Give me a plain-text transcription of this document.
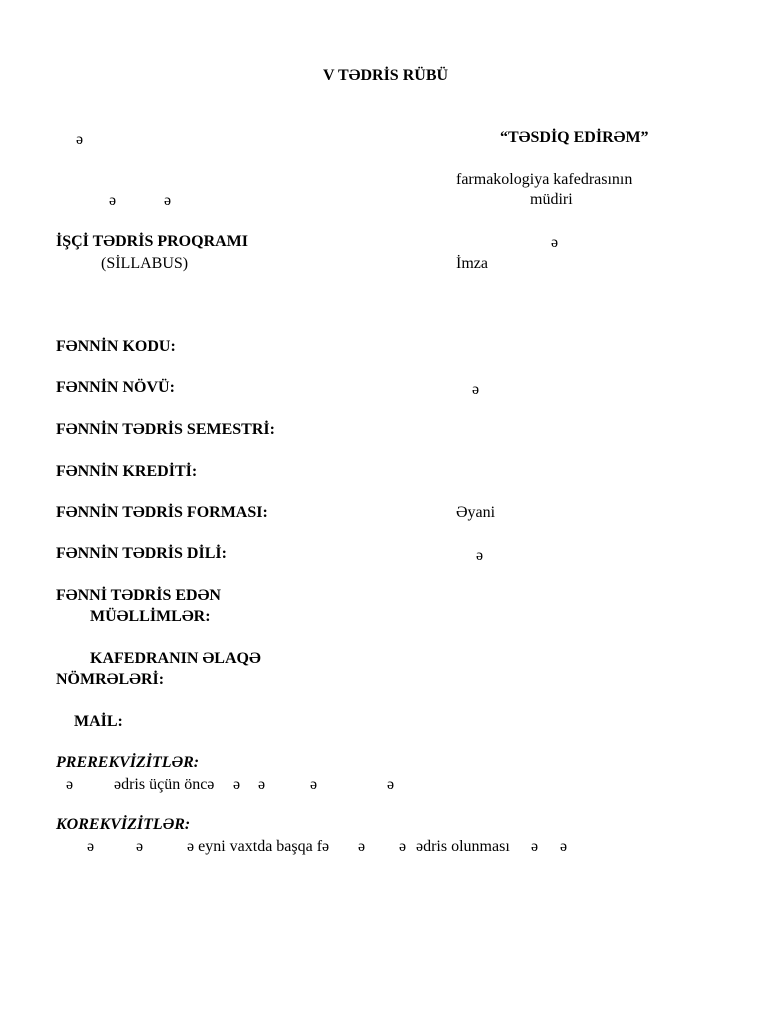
V TƏDRİS RÜBÜ
ə
ə	ə
“TƏSDİQ EDİRƏM”
farmakologiya kafedrasının
müdiri
ə
İmza
İŞÇİ TƏDRİS PROQRAMI
(SİLLABUS)
FƏNNİN KODU:
FƏNNİN NÖVÜ:	ə
FƏNNİN TƏDRİS SEMESTRİ:
FƏNNİN KREDİTİ:
FƏNNİN TƏDRİS FORMASI:	Əyani
FƏNNİN TƏDRİS DİLİ:	ə
FƏNNİ TƏDRİS EDƏN
MÜƏLLİMLƏR:
KAFEDRANIN ƏLAQƏ
NÖMRƏLƏRİ:
MAİL:
PREREKVİZİTLƏR:
ə	ədris üçün öncə ə ə	ə	ə
KOREKVİZİTLƏR:
ə	ə	ə eyni vaxtda başqa fə ə ə ədris olunması ə ə
